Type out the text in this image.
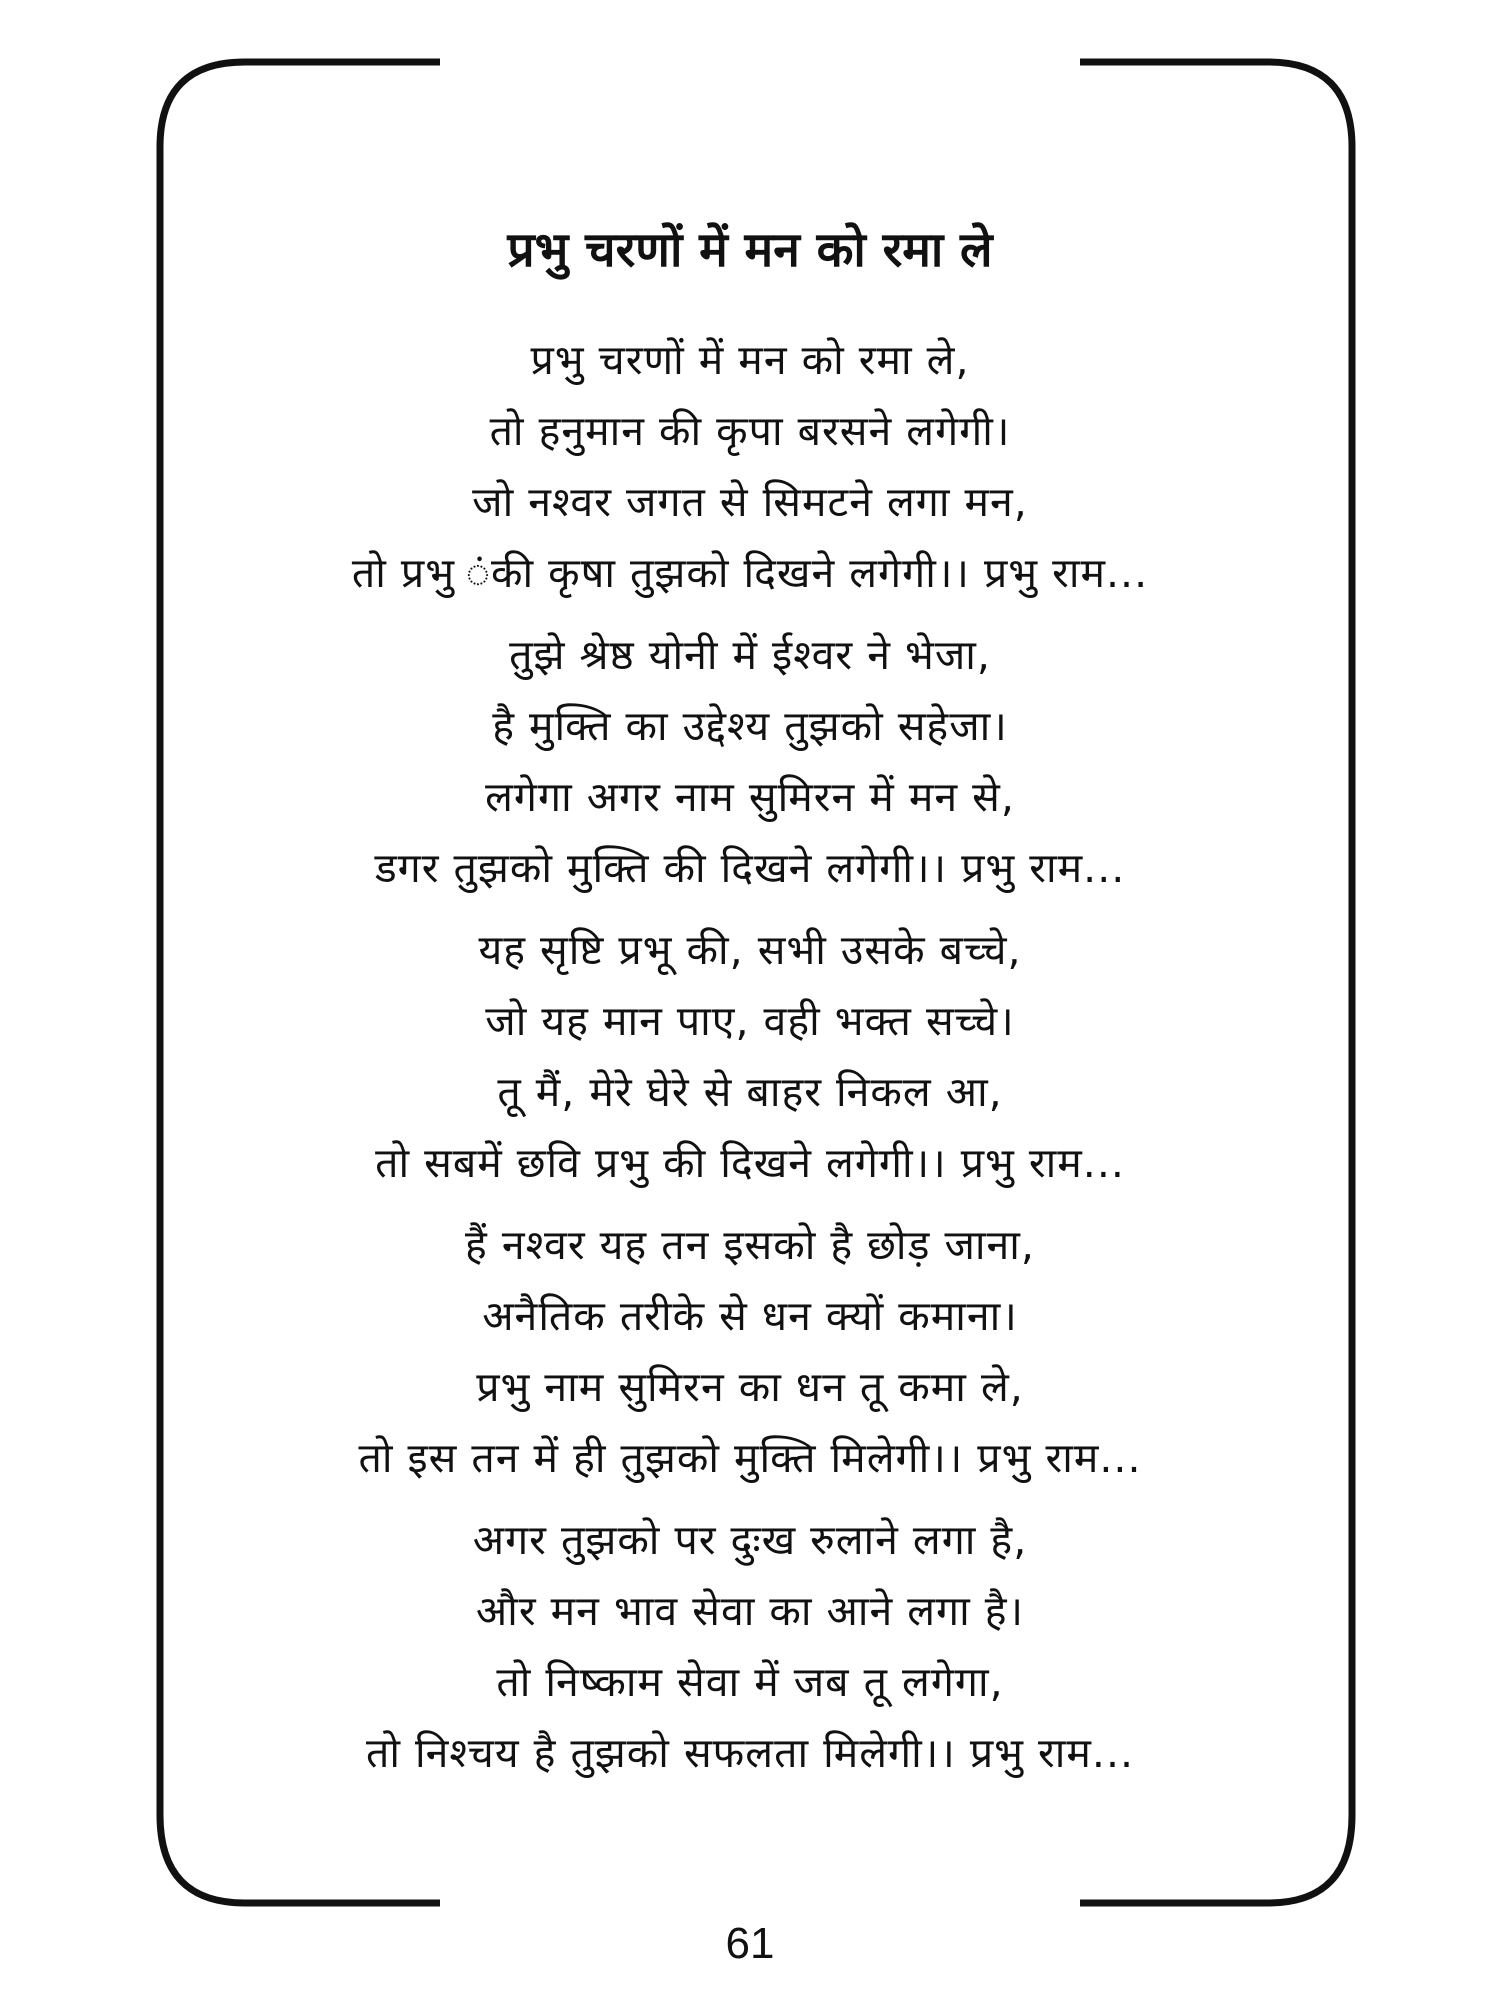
प्रभु चरणों में मन को रमा ले
प्रभु चरणों में मन को रमा ले,
तो हनुमान की कृपा बरसने लगेगी।
जो नश्वर जगत से सिमटने लगा मन,
तो प्रभु ंकी कृषा तुझको दिखने लगेगी।। प्रभु राम...
तुझे श्रेष्ठ योनी में ईश्वर ने भेजा,
है मुक्ति का उद्देश्य तुझको सहेजा।
लगेगा अगर नाम सुमिरन में मन से,
डगर तुझको मुक्ति की दिखने लगेगी।। प्रभु राम...
यह सृष्टि प्रभू की, सभी उसके बच्चे,
जो यह मान पाए, वही भक्त सच्चे।
तू मैं, मेरे घेरे से बाहर निकल आ,
तो सबमें छवि प्रभु की दिखने लगेगी।। प्रभु राम...
हैं नश्वर यह तन इसको है छोड़ जाना,
अनैतिक तरीके से धन क्यों कमाना।
प्रभु नाम सुमिरन का धन तू कमा ले,
तो इस तन में ही तुझको मुक्ति मिलेगी।। प्रभु राम...
अगर तुझको पर दुःख रुलाने लगा है,
और मन भाव सेवा का आने लगा है।
तो निष्काम सेवा में जब तू लगेगा,
तो निश्चय है तुझको सफलता मिलेगी।। प्रभु राम...
61
